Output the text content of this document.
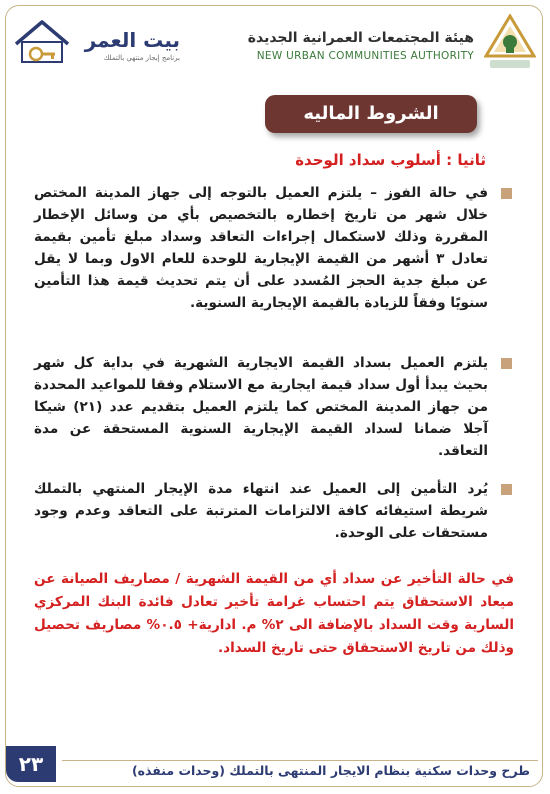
هيئة المجتمعات العمرانية الجديدة
NEW URBAN COMMUNITIES AUTHORITY
بيت العمر
برنامج إيجار منتهي بالتملك
الشروط الماليه
ثانيا : أسلوب سداد الوحدة
في حالة الفوز – يلتزم العميل بالتوجه إلى جهاز المدينة المختص خلال شهر من تاريخ إخطاره بالتخصيص بأي من وسائل الإخطار المقررة وذلك لاستكمال إجراءات التعاقد وسداد مبلغ تأمين بقيمة تعادل ٣ أشهر من القيمة الإيجارية للوحدة للعام الاول وبما لا يقل عن مبلغ جدية الحجز المُسدد على أن يتم تحديث قيمة هذا التأمين سنويًا وفقاً للزيادة بالقيمة الإيجارية السنوية.
يلتزم العميل بسداد القيمة الايجارية الشهرية في بداية كل شهر بحيث يبدأ أول سداد قيمة ايجارية مع الاستلام وفقا للمواعيد المحددة من جهاز المدينة المختص كما يلتزم العميل بتقديم عدد (٢١) شيكا آجلا ضمانا لسداد القيمة الإيجارية السنوية المستحقة عن مدة التعاقد.
يُرد التأمين إلى العميل عند انتهاء مدة الإيجار المنتهي بالتملك شريطة استيفائه كافة الالتزامات المترتبة على التعاقد وعدم وجود مستحقات على الوحدة.
في حالة التأخير عن سداد أي من القيمة الشهرية / مصاريف الصيانة عن ميعاد الاستحقاق يتم احتساب غرامة تأخير تعادل فائدة البنك المركزي السارية وقت السداد بالإضافة الى ٢% م. ادارية+ ٠.٥% مصاريف تحصيل وذلك من تاريخ الاستحقاق حتى تاريخ السداد.
طرح وحدات سكنية بنظام الايجار المنتهى بالتملك (وحدات منفذه)
٢٣
